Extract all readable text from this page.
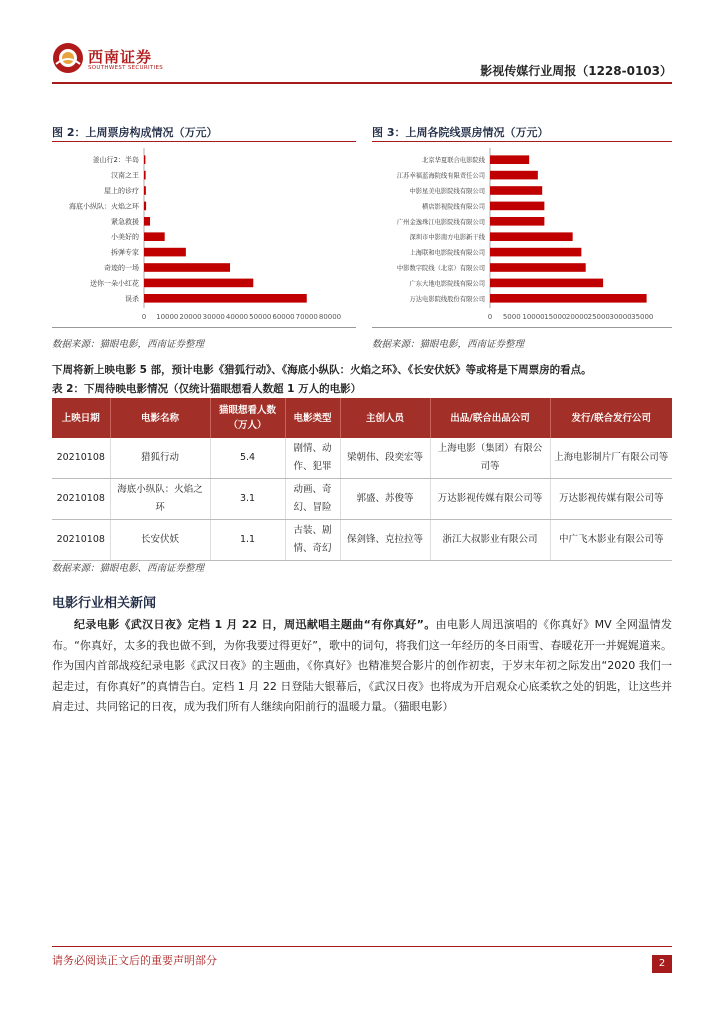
西南证券
SOUTHWEST SECURITIES	影视传媒行业周报（1228-0103）
图 2：上周票房构成情况（万元）
釜山行2：半岛
汉南之王
屋上的诊疗
海底小纵队：火焰之环
紧急救援
小美好的
拆弹专家
奇迹的一场
送你一朵小红花
误杀
0 10000 20000 30000 40000 50000 60000 70000 80000
数据来源：猫眼电影，西南证券整理
图 3：上周各院线票房情况（万元）
北京华夏联合电影院线
江苏幸福蓝海院线有限责任公司
中影星美电影院线有限公司
横店影视院线有限公司
广州金逸珠江电影院线有限公司
深圳市中影南方电影新干线
上海联和电影院线有限公司
中影数字院线（北京）有限公司
广东大地电影院线有限公司
万达电影院线股份有限公司
0 5000 10000 15000 20000 25000 30000 35000
数据来源：猫眼电影，西南证券整理
下周将新上映电影 5 部，预计电影《猎狐行动》、《海底小纵队：火焰之环》、《长安伏妖》等或将是下周票房的看点。
表 2：下周待映电影情况（仅统计猫眼想看人数超 1 万人的电影）
上映日期	电影名称	猫眼想看人数（万人）	电影类型	主创人员	出品/联合出品公司	发行/联合发行公司
20210108	猎狐行动	5.4	剧情、动作、犯罪	梁朝伟、段奕宏等	上海电影（集团）有限公司等	上海电影制片厂有限公司等
20210108	海底小纵队：火焰之环	3.1	动画、奇幻、冒险	郭盛、苏俊等	万达影视传媒有限公司等	万达影视传媒有限公司等
20210108	长安伏妖	1.1	古装、剧情、奇幻	保剑锋、克拉拉等	浙江大叔影业有限公司	中广飞木影业有限公司等
数据来源：猫眼电影、西南证券整理
电影行业相关新闻
纪录电影《武汉日夜》定档 1 月 22 日，周迅献唱主题曲“有你真好”。由电影人周迅演唱的《你真好》MV 全网温情发布。“你真好，太多的我也做不到，为你我要过得更好”，歌中的词句，将我们这一年经历的冬日雨雪、春暖花开一并娓娓道来。作为国内首部战疫纪录电影《武汉日夜》的主题曲，《你真好》也精准契合影片的创作初衷，于岁末年初之际发出“2020 我们一起走过，有你真好”的真情告白。定档 1 月 22 日登陆大银幕后，《武汉日夜》也将成为开启观众心底柔软之处的钥匙，让这些并肩走过、共同铭记的日夜，成为我们所有人继续向阳前行的温暖力量。（猫眼电影）
请务必阅读正文后的重要声明部分	2
